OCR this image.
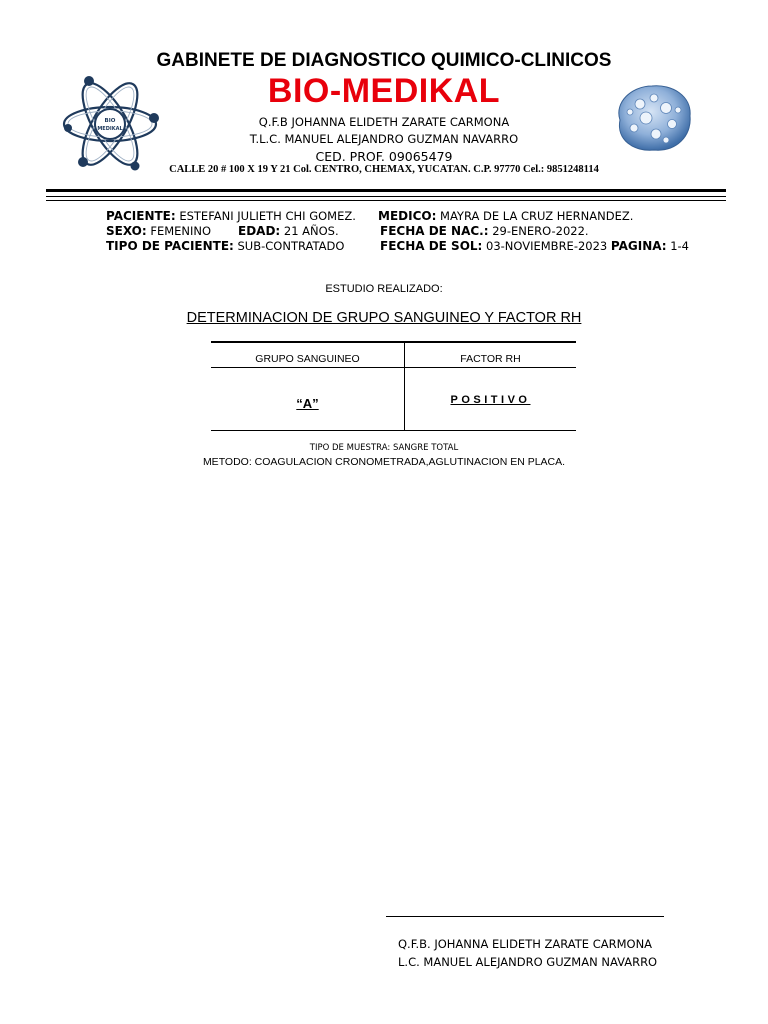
GABINETE DE DIAGNOSTICO QUIMICO-CLINICOS
BIO-MEDIKAL
Q.F.B JOHANNA ELIDETH ZARATE CARMONA
T.L.C. MANUEL ALEJANDRO GUZMAN NAVARRO
CED. PROF. 09065479
CALLE 20 # 100 X 19 Y 21 Col. CENTRO, CHEMAX, YUCATAN. C.P. 97770 Cel.: 9851248114
BIO
MEDIKAL
PACIENTE: ESTEFANI JULIETH CHI GOMEZ. MEDICO: MAYRA DE LA CRUZ HERNANDEZ.
SEXO: FEMENINO EDAD: 21 AÑOS.	FECHA DE NAC.: 29-ENERO-2022.
TIPO DE PACIENTE: SUB-CONTRATADO	FECHA DE SOL: 03-NOVIEMBRE-2023 PAGINA: 1-4
ESTUDIO REALIZADO:
DETERMINACION DE GRUPO SANGUINEO Y FACTOR RH
GRUPO SANGUINEO	FACTOR RH
“A”	POSITIVO
TIPO DE MUESTRA: SANGRE TOTAL
METODO: COAGULACION CRONOMETRADA,AGLUTINACION EN PLACA.
Q.F.B. JOHANNA ELIDETH ZARATE CARMONA
L.C. MANUEL ALEJANDRO GUZMAN NAVARRO
